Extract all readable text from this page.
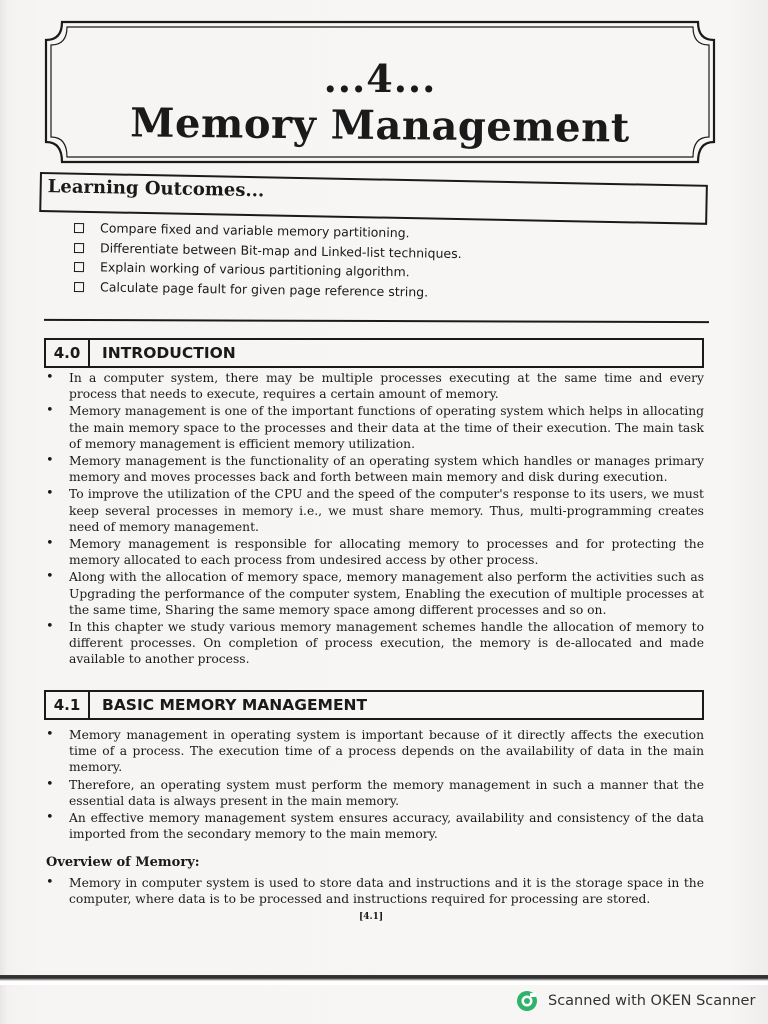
...4...
Memory Management
Learning Outcomes...
Compare fixed and variable memory partitioning.
Differentiate between Bit-map and Linked-list techniques.
Explain working of various partitioning algorithm.
Calculate page fault for given page reference string.
4.0	INTRODUCTION
• In a computer system, there may be multiple processes executing at the same time and every process that needs to execute, requires a certain amount of memory.
• Memory management is one of the important functions of operating system which helps in allocating the main memory space to the processes and their data at the time of their execution. The main task of memory management is efficient memory utilization.
• Memory management is the functionality of an operating system which handles or manages primary memory and moves processes back and forth between main memory and disk during execution.
• To improve the utilization of the CPU and the speed of the computer's response to its users, we must keep several processes in memory i.e., we must share memory. Thus, multi-programming creates need of memory management.
• Memory management is responsible for allocating memory to processes and for protecting the memory allocated to each process from undesired access by other process.
• Along with the allocation of memory space, memory management also perform the activities such as Upgrading the performance of the computer system, Enabling the execution of multiple processes at the same time, Sharing the same memory space among different processes and so on.
• In this chapter we study various memory management schemes handle the allocation of memory to different processes. On completion of process execution, the memory is de-allocated and made available to another process.
4.1	BASIC MEMORY MANAGEMENT
• Memory management in operating system is important because of it directly affects the execution time of a process. The execution time of a process depends on the availability of data in the main memory.
• Therefore, an operating system must perform the memory management in such a manner that the essential data is always present in the main memory.
• An effective memory management system ensures accuracy, availability and consistency of the data imported from the secondary memory to the main memory.
Overview of Memory:
• Memory in computer system is used to store data and instructions and it is the storage space in the computer, where data is to be processed and instructions required for processing are stored.
[4.1]
Scanned with OKEN Scanner
